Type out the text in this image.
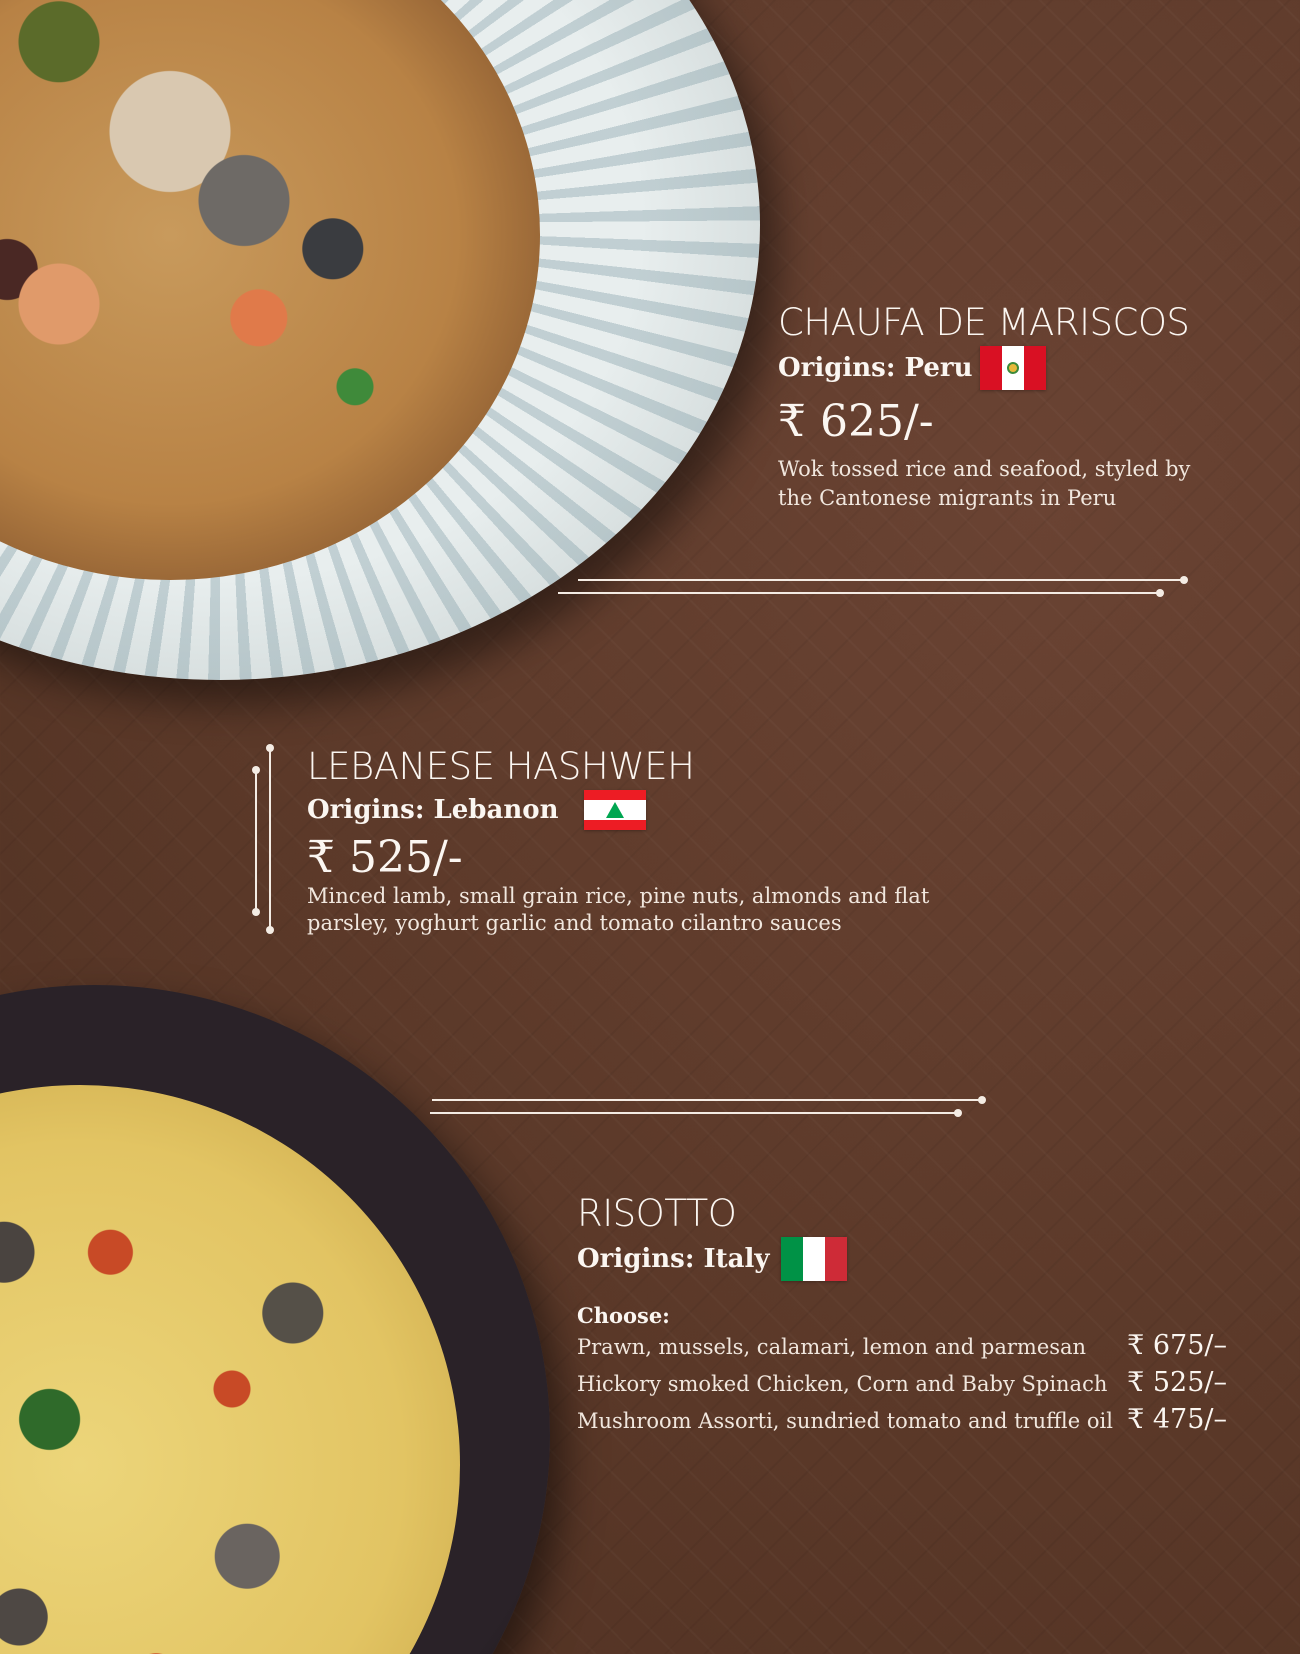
CHAUFA DE MARISCOS
Origins: Peru
₹ 625/-
Wok tossed rice and seafood, styled by the Cantonese migrants in Peru
LEBANESE HASHWEH
Origins: Lebanon
₹ 525/-
Minced lamb, small grain rice, pine nuts, almonds and flat parsley, yoghurt garlic and tomato cilantro sauces
RISOTTO
Origins: Italy
Choose:
Prawn, mussels, calamari, lemon and parmesan ₹ 675/–
Hickory smoked Chicken, Corn and Baby Spinach ₹ 525/–
Mushroom Assorti, sundried tomato and truffle oil ₹ 475/–
